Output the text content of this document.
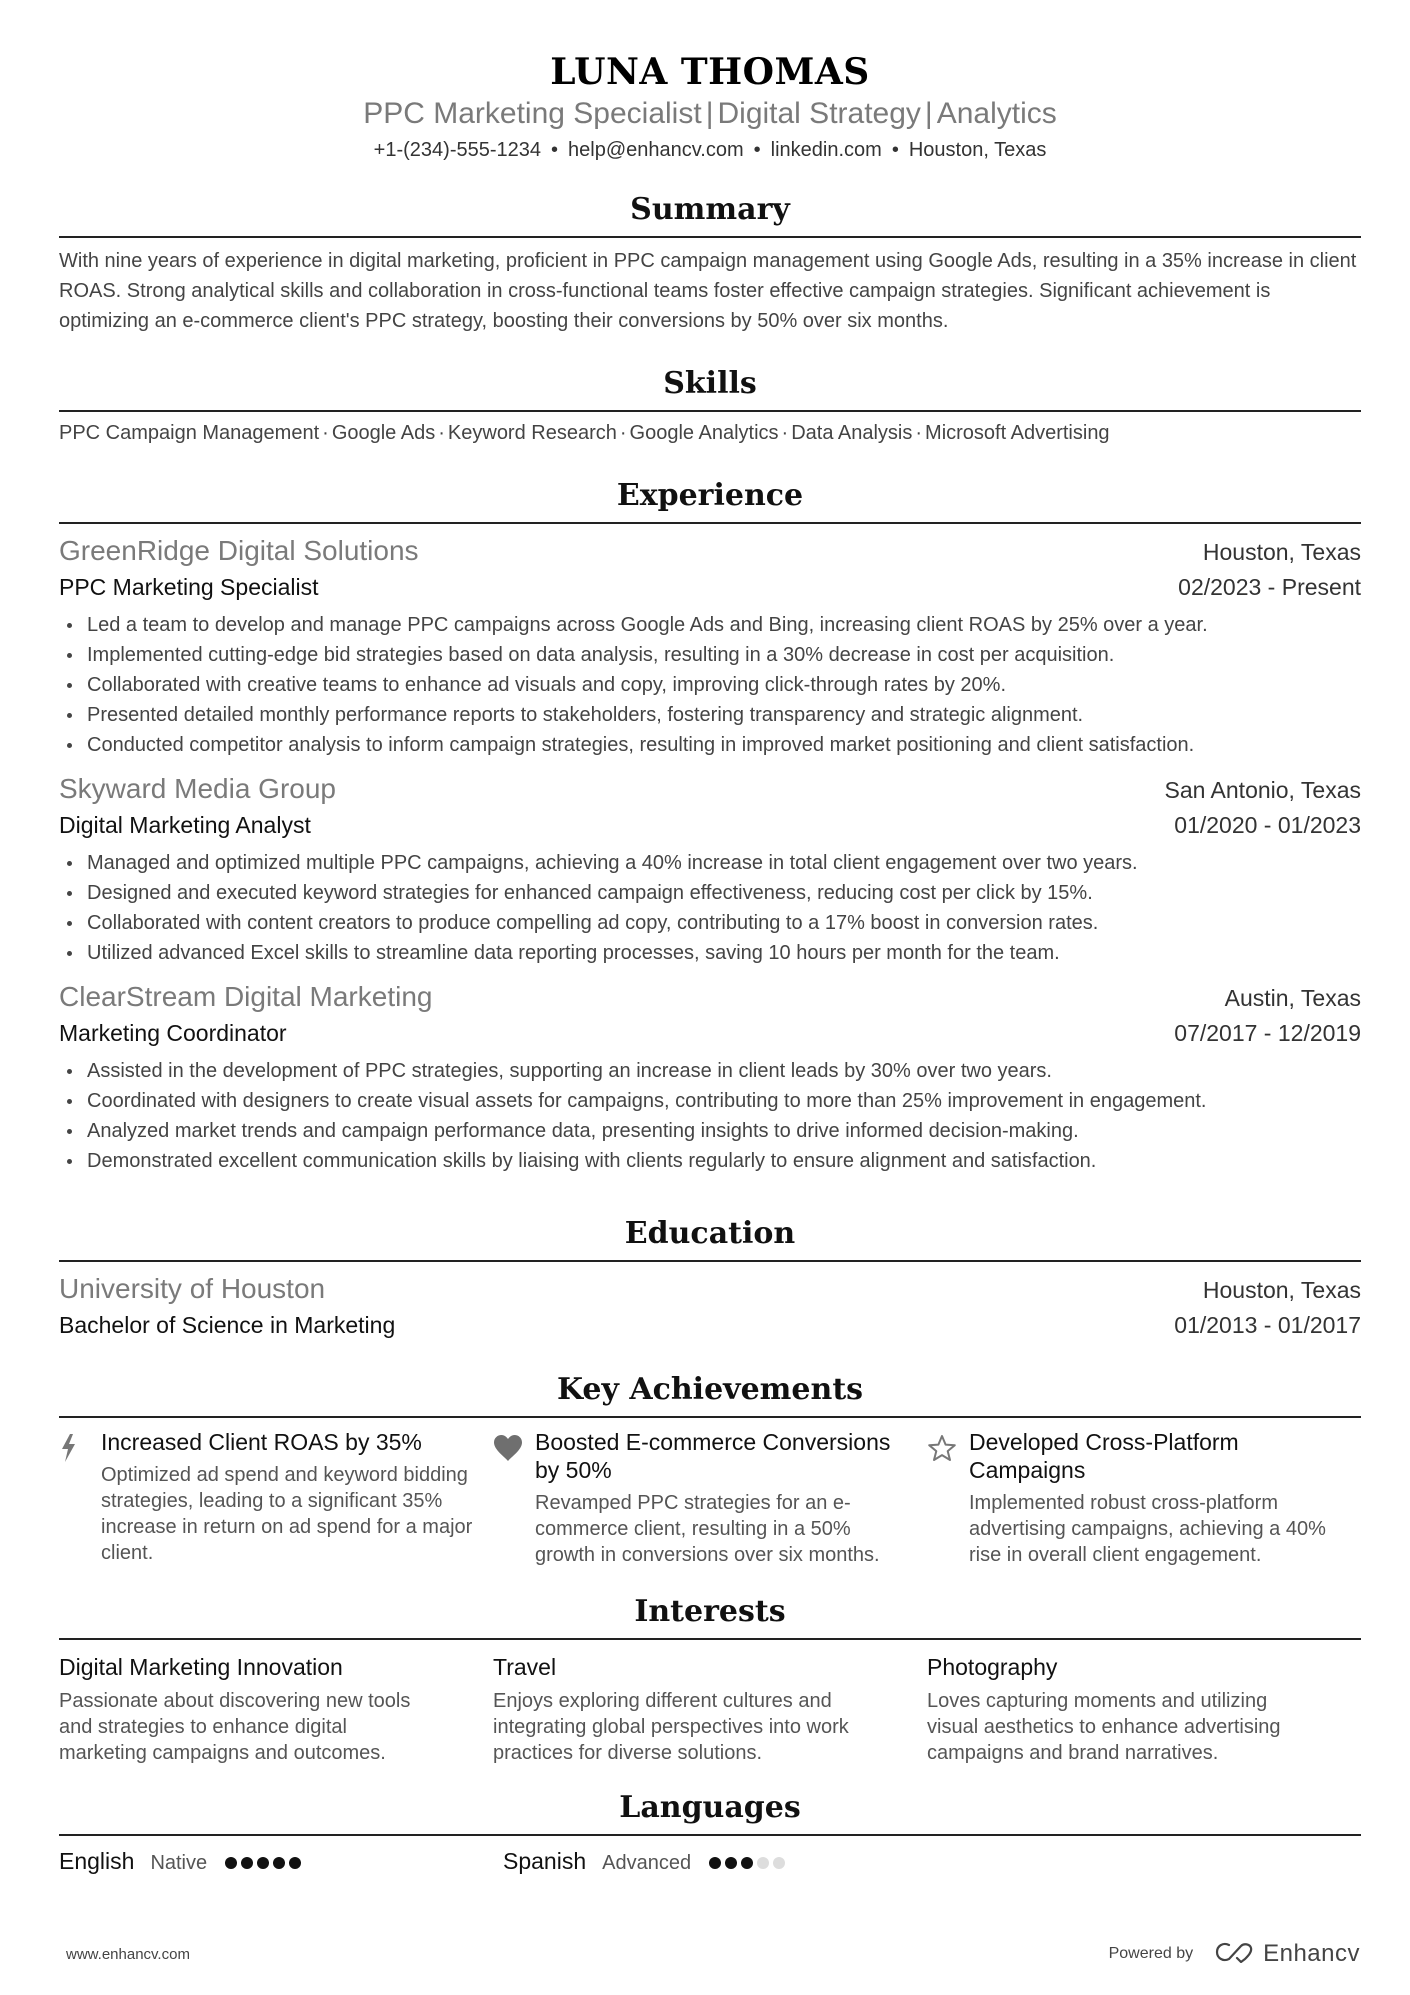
LUNA THOMAS
PPC Marketing Specialist | Digital Strategy | Analytics
+1-(234)-555-1234 • help@enhancv.com • linkedin.com • Houston, Texas
Summary
With nine years of experience in digital marketing, proficient in PPC campaign management using Google Ads, resulting in a 35% increase in client ROAS. Strong analytical skills and collaboration in cross-functional teams foster effective campaign strategies. Significant achievement is optimizing an e-commerce client's PPC strategy, boosting their conversions by 50% over six months.
Skills
PPC Campaign Management · Google Ads · Keyword Research · Google Analytics · Data Analysis · Microsoft Advertising
Experience
GreenRidge Digital Solutions	Houston, Texas
PPC Marketing Specialist	02/2023 - Present
Led a team to develop and manage PPC campaigns across Google Ads and Bing, increasing client ROAS by 25% over a year.
Implemented cutting-edge bid strategies based on data analysis, resulting in a 30% decrease in cost per acquisition.
Collaborated with creative teams to enhance ad visuals and copy, improving click-through rates by 20%.
Presented detailed monthly performance reports to stakeholders, fostering transparency and strategic alignment.
Conducted competitor analysis to inform campaign strategies, resulting in improved market positioning and client satisfaction.
Skyward Media Group	San Antonio, Texas
Digital Marketing Analyst	01/2020 - 01/2023
Managed and optimized multiple PPC campaigns, achieving a 40% increase in total client engagement over two years.
Designed and executed keyword strategies for enhanced campaign effectiveness, reducing cost per click by 15%.
Collaborated with content creators to produce compelling ad copy, contributing to a 17% boost in conversion rates.
Utilized advanced Excel skills to streamline data reporting processes, saving 10 hours per month for the team.
ClearStream Digital Marketing	Austin, Texas
Marketing Coordinator	07/2017 - 12/2019
Assisted in the development of PPC strategies, supporting an increase in client leads by 30% over two years.
Coordinated with designers to create visual assets for campaigns, contributing to more than 25% improvement in engagement.
Analyzed market trends and campaign performance data, presenting insights to drive informed decision-making.
Demonstrated excellent communication skills by liaising with clients regularly to ensure alignment and satisfaction.
Education
University of Houston	Houston, Texas
Bachelor of Science in Marketing	01/2013 - 01/2017
Key Achievements
Increased Client ROAS by 35%
Optimized ad spend and keyword bidding strategies, leading to a significant 35% increase in return on ad spend for a major client.
Boosted E-commerce Conversions by 50%
Revamped PPC strategies for an e-commerce client, resulting in a 50% growth in conversions over six months.
Developed Cross-Platform Campaigns
Implemented robust cross-platform advertising campaigns, achieving a 40% rise in overall client engagement.
Interests
Digital Marketing Innovation
Passionate about discovering new tools and strategies to enhance digital marketing campaigns and outcomes.
Travel
Enjoys exploring different cultures and integrating global perspectives into work practices for diverse solutions.
Photography
Loves capturing moments and utilizing visual aesthetics to enhance advertising campaigns and brand narratives.
Languages
English Native	Spanish Advanced
www.enhancv.com	Powered by	Enhancv
